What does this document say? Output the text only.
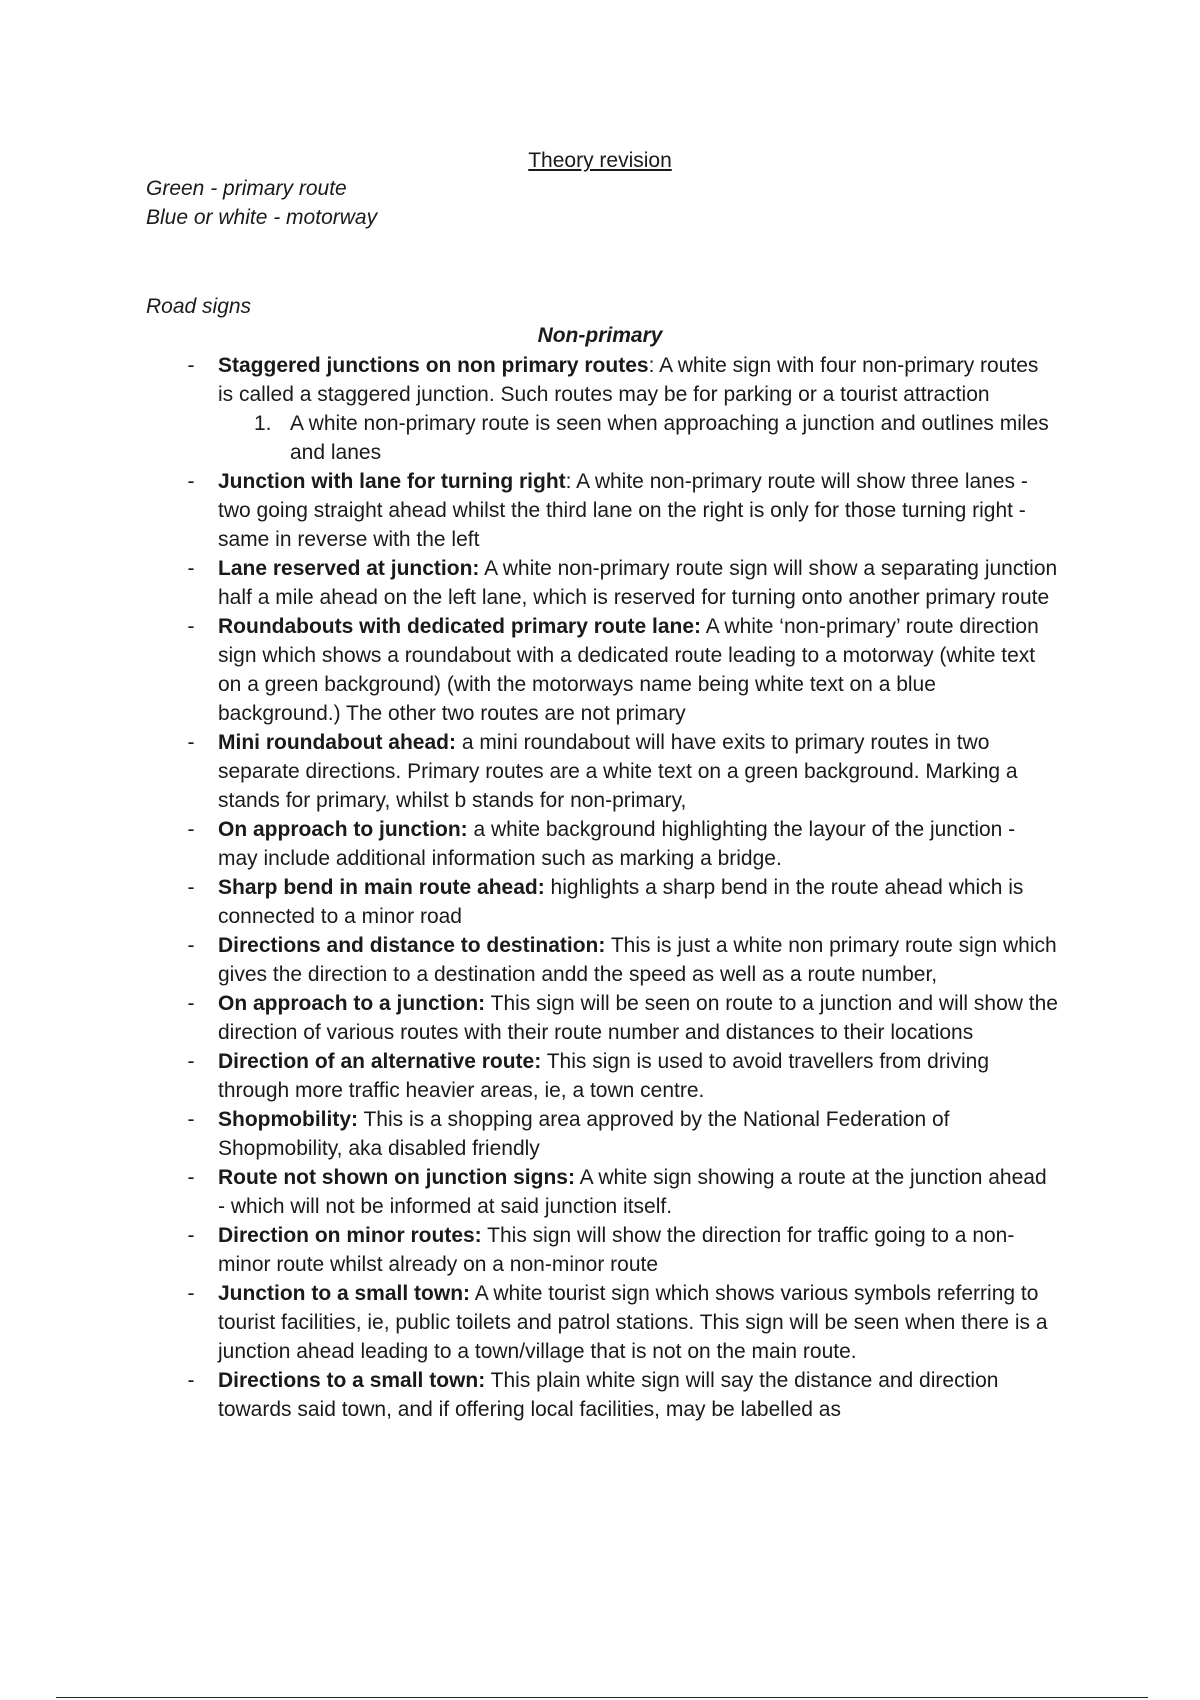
Theory revision

Green - primary route

Blue or white - motorway

Road signs

Non-primary
- Staggered junctions on non primary routes: A white sign with four non-primary routes is called a staggered junction. Such routes may be for parking or a tourist attraction
1. A white non-primary route is seen when approaching a junction and outlines miles and lanes
- Junction with lane for turning right: A white non-primary route will show three lanes - two going straight ahead whilst the third lane on the right is only for those turning right - same in reverse with the left
- Lane reserved at junction: A white non-primary route sign will show a separating junction half a mile ahead on the left lane, which is reserved for turning onto another primary route
- Roundabouts with dedicated primary route lane: A white ‘non-primary’ route direction sign which shows a roundabout with a dedicated route leading to a motorway (white text on a green background) (with the motorways name being white text on a blue background.) The other two routes are not primary
- Mini roundabout ahead: a mini roundabout will have exits to primary routes in two separate directions. Primary routes are a white text on a green background. Marking a stands for primary, whilst b stands for non-primary,
- On approach to junction: a white background highlighting the layour of the junction - may include additional information such as marking a bridge.
- Sharp bend in main route ahead: highlights a sharp bend in the route ahead which is connected to a minor road
- Directions and distance to destination: This is just a white non primary route sign which gives the direction to a destination andd the speed as well as a route number,
- On approach to a junction: This sign will be seen on route to a junction and will show the direction of various routes with their route number and distances to their locations
- Direction of an alternative route: This sign is used to avoid travellers from driving through more traffic heavier areas, ie, a town centre.
- Shopmobility: This is a shopping area approved by the National Federation of Shopmobility, aka disabled friendly
- Route not shown on junction signs: A white sign showing a route at the junction ahead - which will not be informed at said junction itself.
- Direction on minor routes: This sign will show the direction for traffic going to a non-minor route whilst already on a non-minor route
- Junction to a small town: A white tourist sign which shows various symbols referring to tourist facilities, ie, public toilets and patrol stations. This sign will be seen when there is a junction ahead leading to a town/village that is not on the main route.
- Directions to a small town: This plain white sign will say the distance and direction towards said town, and if offering local facilities, may be labelled as
